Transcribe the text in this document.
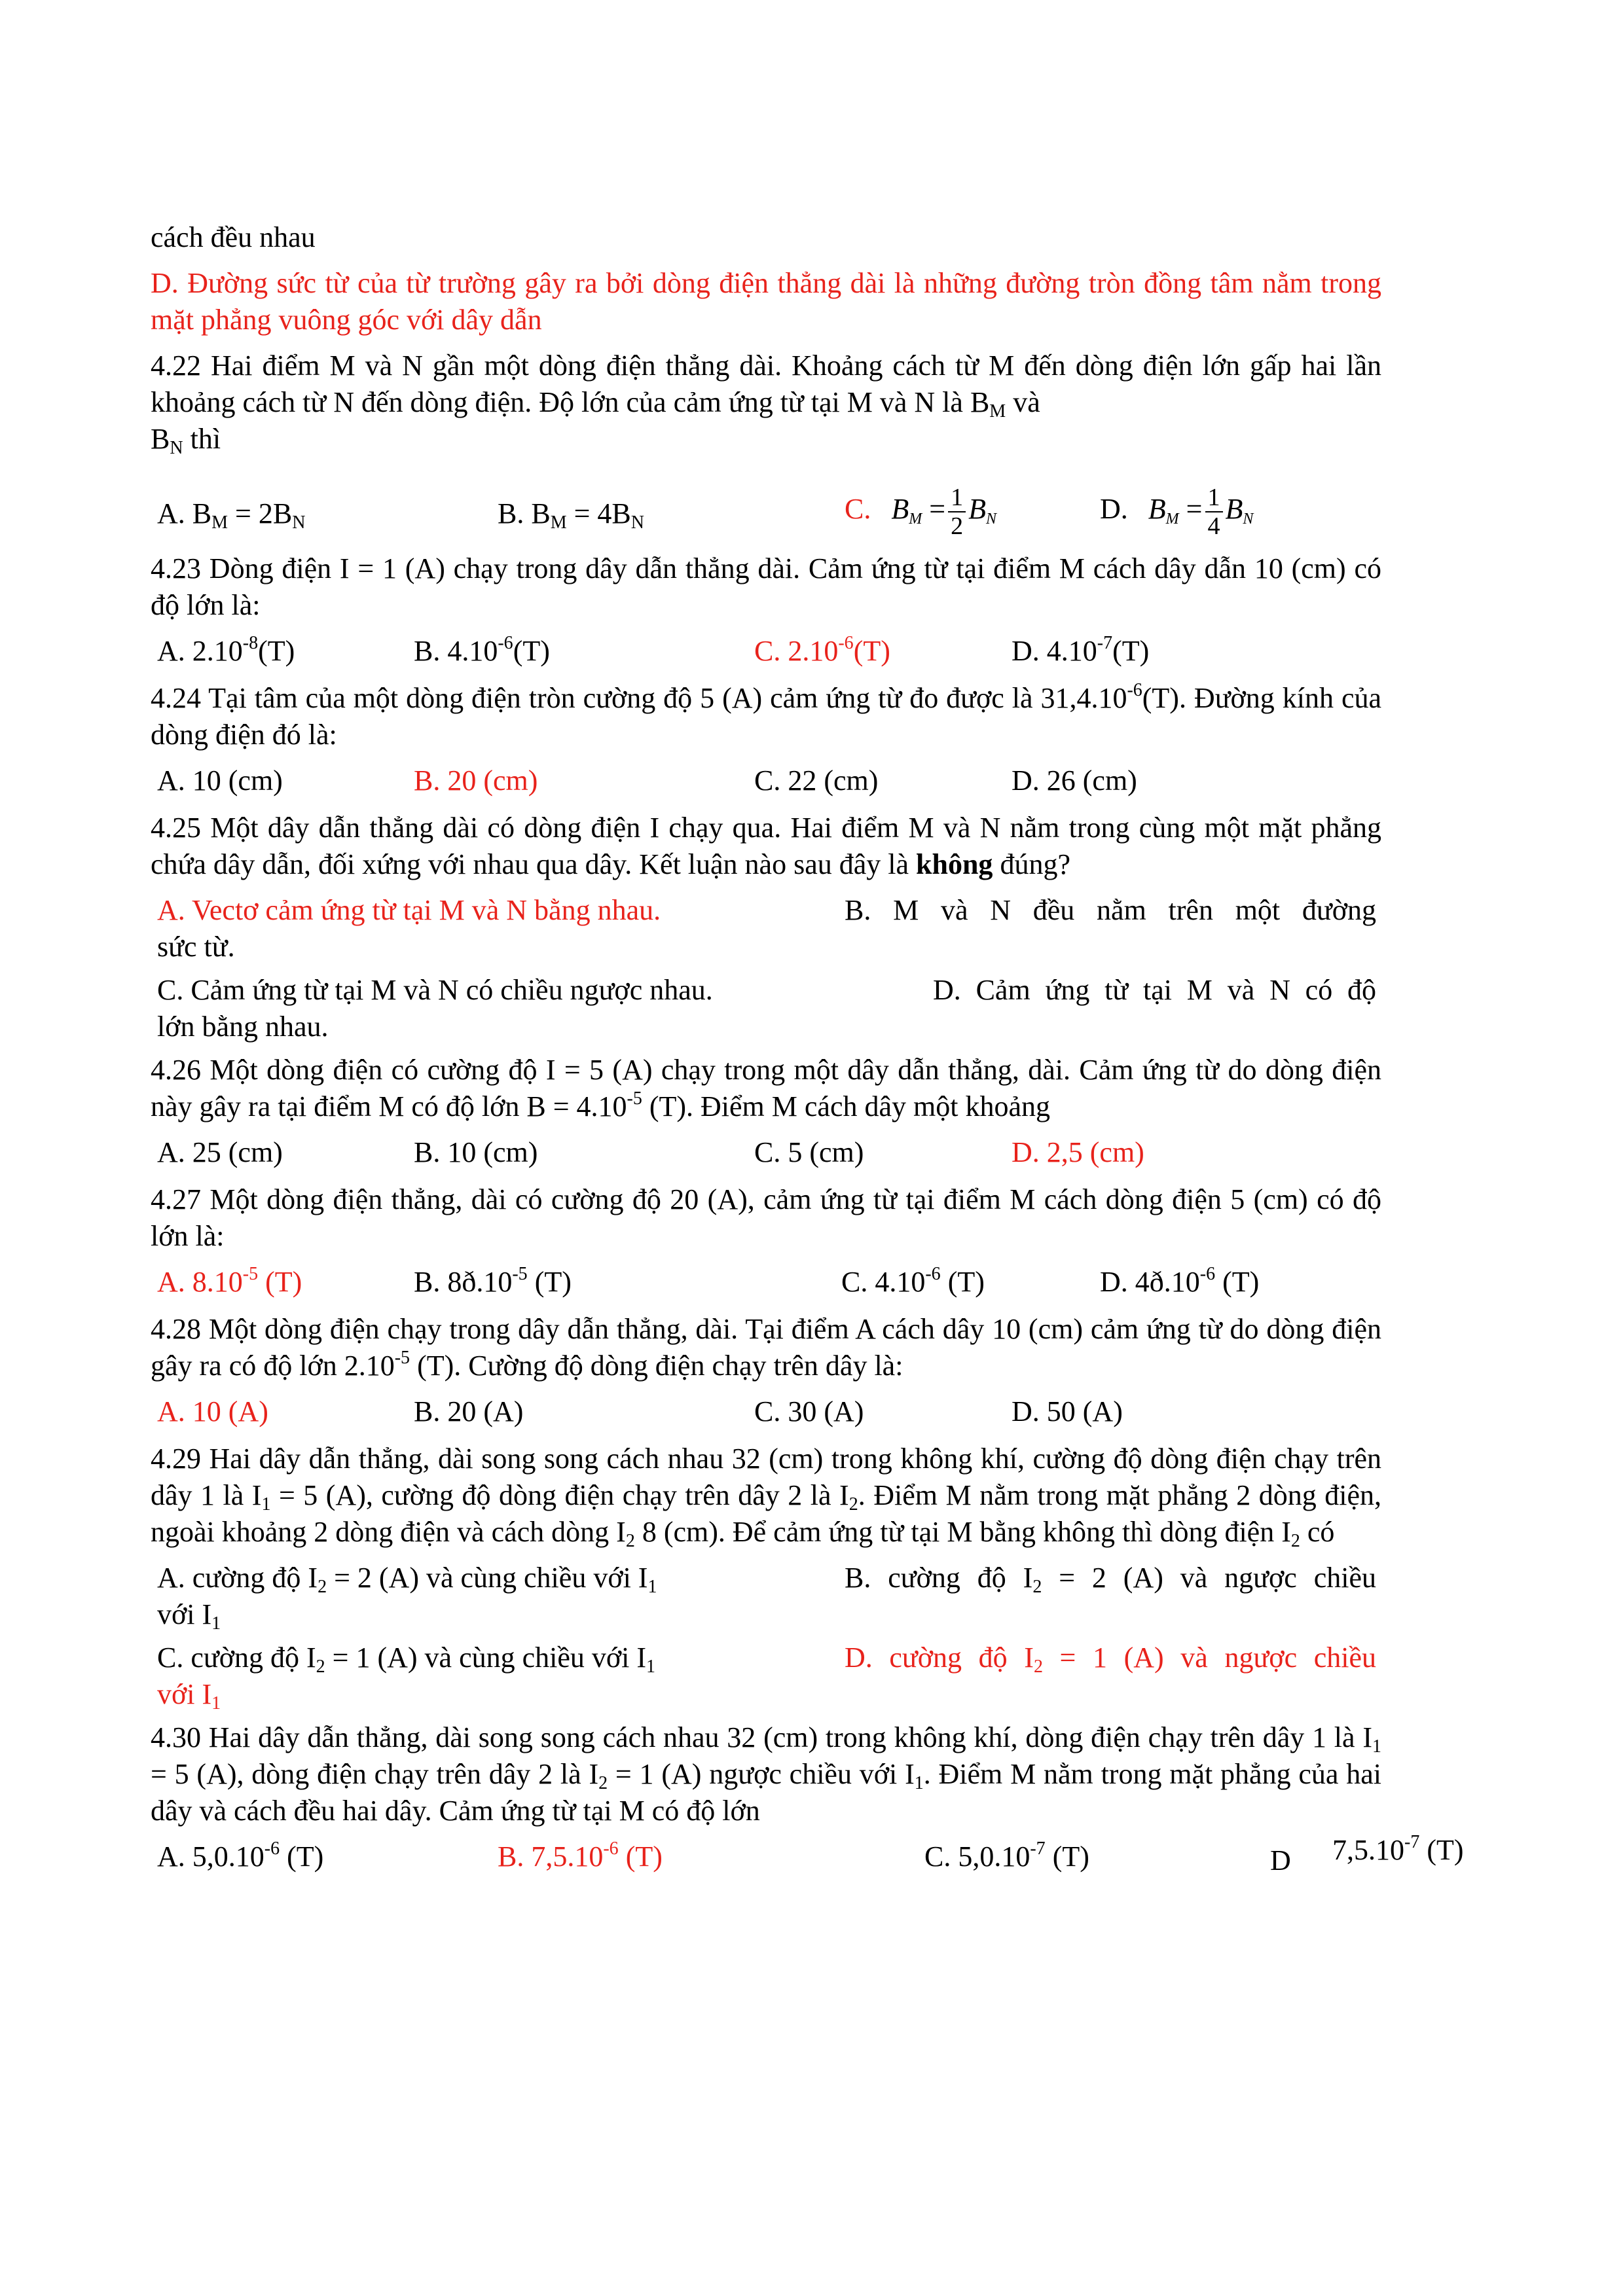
cách đều nhau
D. Đường sức từ của từ trường gây ra bởi dòng điện thẳng dài là những đường tròn đồng tâm nằm trong mặt phẳng vuông góc với dây dẫn
4.22 Hai điểm M và N gần một dòng điện thẳng dài. Khoảng cách từ M đến dòng điện lớn gấp hai lần khoảng cách từ N đến dòng điện. Độ lớn của cảm ứng từ tại M và N là $B_M$ và
$B_N$ thì
A. $B_M = 2B_N$	B. $B_M = 4B_N$	C. BM = $\frac{1}{2}$ BN	D. BM = $\frac{1}{4}$ BN
4.23 Dòng điện I = 1 (A) chạy trong dây dẫn thẳng dài. Cảm ứng từ tại điểm M cách dây dẫn 10 (cm) có độ lớn là:
A. $2.10^{-8}(T)$	B. $4.10^{-6}(T)$	C. $2.10^{-6}(T)$	D. $4.10^{-7}(T)$
4.24 Tại tâm của một dòng điện tròn cường độ 5 (A) cảm ứng từ đo được là $31,4.10^{-6}(T)$. Đường kính của dòng điện đó là:
A. 10 (cm)	B. 20 (cm)	C. 22 (cm)	D. 26 (cm)
4.25 Một dây dẫn thẳng dài có dòng điện I chạy qua. Hai điểm M và N nằm trong cùng một mặt phẳng chứa dây dẫn, đối xứng với nhau qua dây. Kết luận nào sau đây là không đúng?
A. Vectơ cảm ứng từ tại M và N bằng nhau.	B. M và N đều nằm trên một đường
sức từ.
C. Cảm ứng từ tại M và N có chiều ngược nhau.	D. Cảm ứng từ tại M và N có độ
lớn bằng nhau.
4.26 Một dòng điện có cường độ I = 5 (A) chạy trong một dây dẫn thẳng, dài. Cảm ứng từ do dòng điện này gây ra tại điểm M có độ lớn $B = 4.10^{-5}$ (T). Điểm M cách dây một khoảng
A. 25 (cm)	B. 10 (cm)	C. 5 (cm)	D. 2,5 (cm)
4.27 Một dòng điện thẳng, dài có cường độ 20 (A), cảm ứng từ tại điểm M cách dòng điện 5 (cm) có độ lớn là:
A. $8.10^{-5}$ (T)	B. $8ð.10^{-5}$ (T)	C. $4.10^{-6}$ (T)	D. $4ð.10^{-6}$ (T)
4.28 Một dòng điện chạy trong dây dẫn thẳng, dài. Tại điểm A cách dây 10 (cm) cảm ứng từ do dòng điện gây ra có độ lớn $2.10^{-5}$ (T). Cường độ dòng điện chạy trên dây là:
A. 10 (A)	B. 20 (A)	C. 30 (A)	D. 50 (A)
4.29 Hai dây dẫn thẳng, dài song song cách nhau 32 (cm) trong không khí, cường độ dòng điện chạy trên dây 1 là $I_1 = 5$ (A), cường độ dòng điện chạy trên dây 2 là $I_2$. Điểm M nằm trong mặt phẳng 2 dòng điện, ngoài khoảng 2 dòng điện và cách dòng $I_2$ 8 (cm). Để cảm ứng từ tại M bằng không thì dòng điện $I_2$ có
A. cường độ $I_2 = 2$ (A) và cùng chiều với $I_1$	B. cường độ $I_2 = 2$ (A) và ngược chiều
với $I_1$
C. cường độ $I_2 = 1$ (A) và cùng chiều với $I_1$	D. cường độ $I_2 = 1$ (A) và ngược chiều
với $I_1$
4.30 Hai dây dẫn thẳng, dài song song cách nhau 32 (cm) trong không khí, dòng điện chạy trên dây 1 là $I_1 = 5$ (A), dòng điện chạy trên dây 2 là $I_2 = 1$ (A) ngược chiều với $I_1$. Điểm M nằm trong mặt phẳng của hai dây và cách đều hai dây. Cảm ứng từ tại M có độ lớn
A. $5,0.10^{-6}$ (T)	B. $7,5.10^{-6}$ (T)	C. $5,0.10^{-7}$ (T)	D $7,5.10^{-7}$ (T)
